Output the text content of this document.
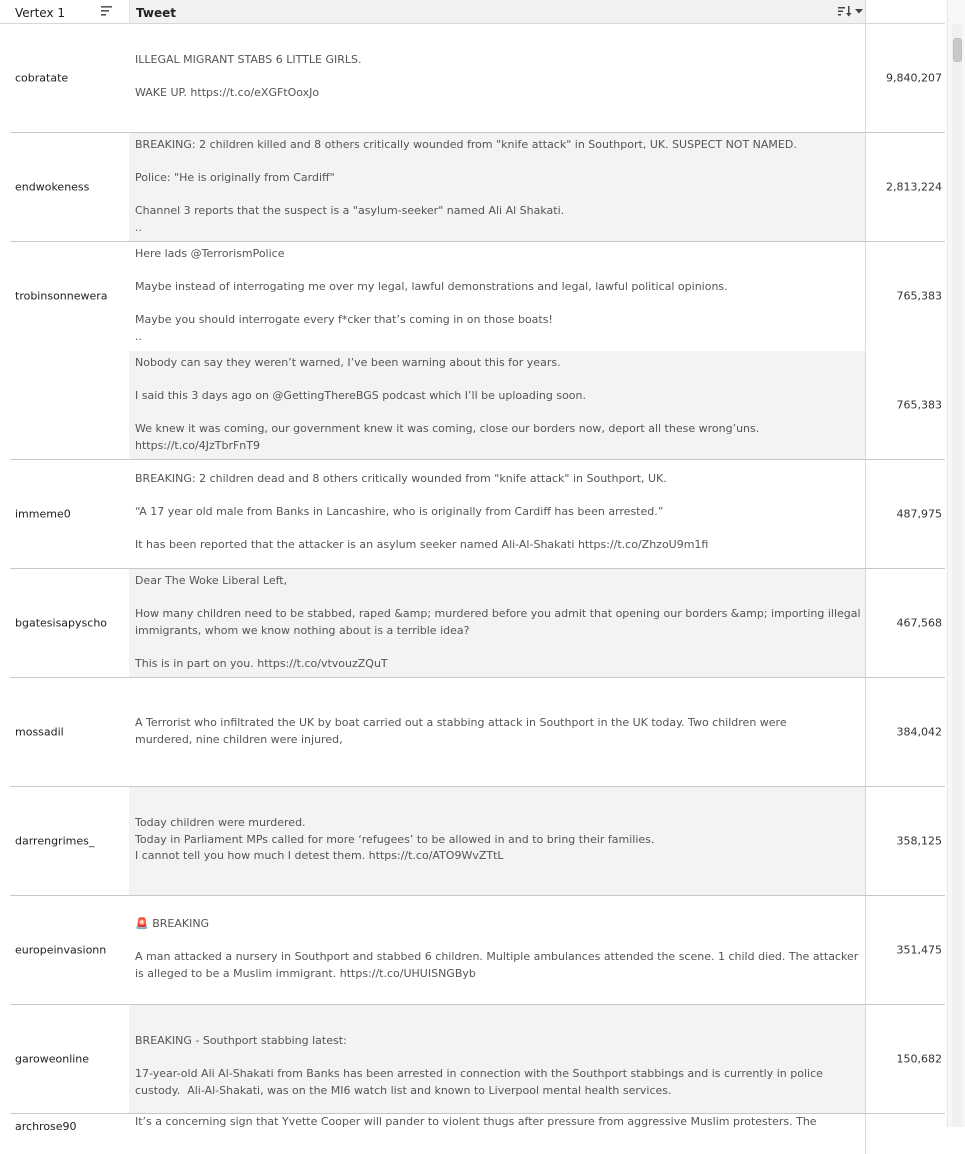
Vertex 1	Tweet
cobratate
ILLEGAL MIGRANT STABS 6 LITTLE GIRLS.
WAKE UP. https://t.co/eXGFtOoxJo
9,840,207
endwokeness
BREAKING: 2 children killed and 8 others critically wounded from "knife attack" in Southport, UK. SUSPECT NOT NAMED.
Police: "He is originally from Cardiff"
Channel 3 reports that the suspect is a "asylum-seeker" named Ali Al Shakati.
..
2,813,224
trobinsonnewera
Here lads @TerrorismPolice
Maybe instead of interrogating me over my legal, lawful demonstrations and legal, lawful political opinions.
Maybe you should interrogate every f*cker that’s coming in on those boats!
..
765,383
Nobody can say they weren’t warned, I’ve been warning about this for years.
I said this 3 days ago on @GettingThereBGS podcast which I’ll be uploading soon.
We knew it was coming, our government knew it was coming, close our borders now, deport all these wrong’uns.
https://t.co/4JzTbrFnT9
765,383
immeme0
BREAKING: 2 children dead and 8 others critically wounded from "knife attack" in Southport, UK.
“A 17 year old male from Banks in Lancashire, who is originally from Cardiff has been arrested.”
It has been reported that the attacker is an asylum seeker named Ali-Al-Shakati https://t.co/ZhzoU9m1fi
487,975
bgatesisapyscho
Dear The Woke Liberal Left,
How many children need to be stabbed, raped &amp; murdered before you admit that opening our borders &amp; importing illegal
immigrants, whom we know nothing about is a terrible idea?
This is in part on you. https://t.co/vtvouzZQuT
467,568
mossadil
A Terrorist who infiltrated the UK by boat carried out a stabbing attack in Southport in the UK today. Two children were
murdered, nine children were injured,
384,042
darrengrimes_
Today children were murdered.
Today in Parliament MPs called for more ‘refugees’ to be allowed in and to bring their families.
I cannot tell you how much I detest them. https://t.co/ATO9WvZTtL
358,125
europeinvasionn
🚨 BREAKING
A man attacked a nursery in Southport and stabbed 6 children. Multiple ambulances attended the scene. 1 child died. The attacker
is alleged to be a Muslim immigrant. https://t.co/UHUISNGByb
351,475
garoweonline
BREAKING - Southport stabbing latest:
17-year-old Ali Al-Shakati from Banks has been arrested in connection with the Southport stabbings and is currently in police
custody.  Ali-Al-Shakati, was on the MI6 watch list and known to Liverpool mental health services.
150,682
archrose90	It’s a concerning sign that Yvette Cooper will pander to violent thugs after pressure from aggressive Muslim protesters. The
